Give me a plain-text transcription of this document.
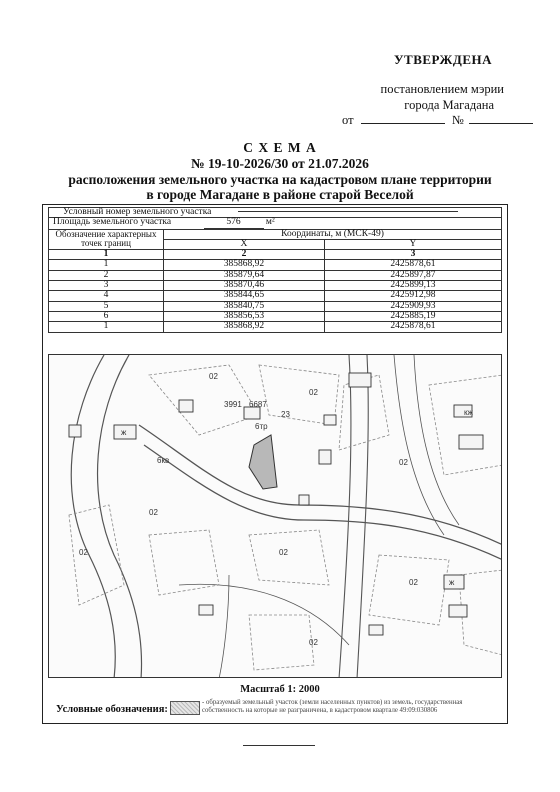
УТВЕРЖДЕНА
постановлением мэрии
города Магадана
от	№
С Х Е М А
№ 19-10-2026/30 от 21.07.2026
расположения земельного участка на кадастровом плане территории
в городе Магадане в районе старой Веселой
Условный номер земельного участка		
Площадь земельного участка 576 м²		
Обозначение характерных точек границ	Координаты, м (МСК-49)	
	X	Y
1	2	3
1	385868,92	2425878,61
2	385879,64	2425897,87
3	385870,46	2425899,13
4	385844,65	2425912,98
5	385840,75	2425909,93
6	385856,53	2425885,19
1	385868,92	2425878,61
02
3991 6687
6тр
6кв
23
02
02
02
ж
кж
ж
02	02
02
02
Масштаб 1: 2000
Условные обозначения:
- образуемый земельный участок (земли населенных пунктов) из земель, государственная собственность на которые не разграничена, в кадастровом квартале 49:09:030806
